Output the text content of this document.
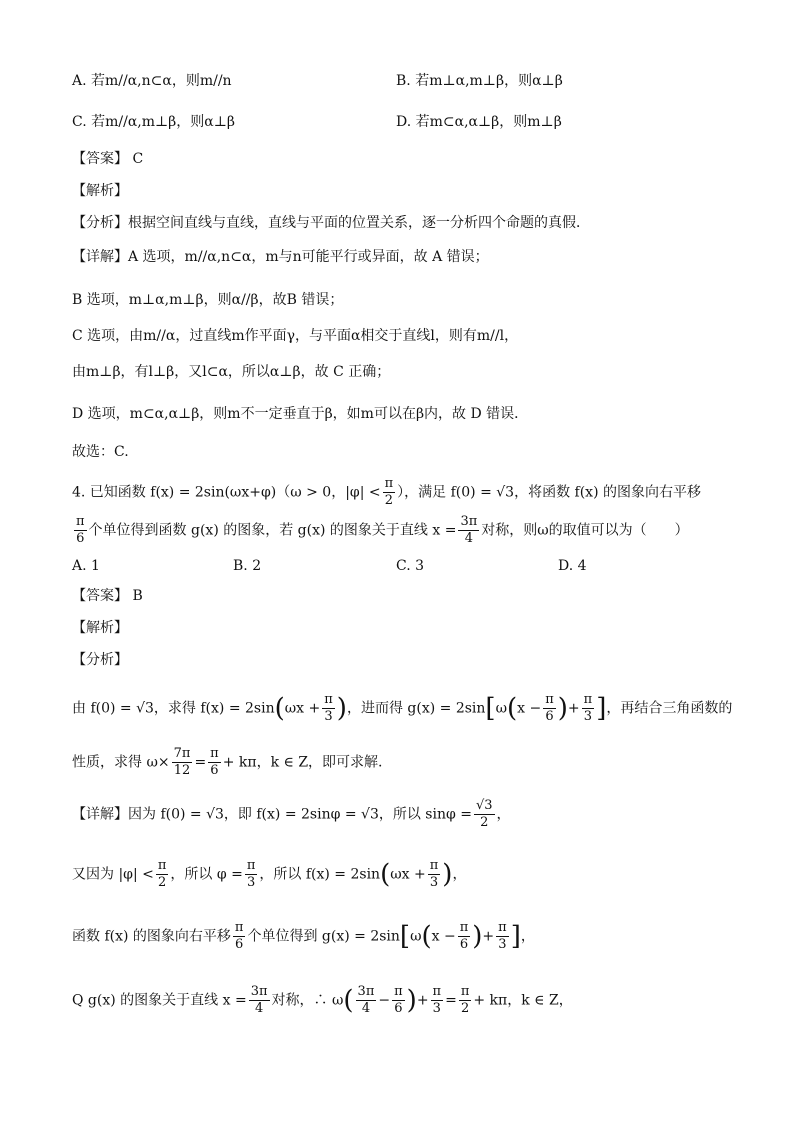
A. 若m//α,n⊂α，则m//n	B. 若m⊥α,m⊥β，则α⊥β
C. 若m//α,m⊥β，则α⊥β	D. 若m⊂α,α⊥β，则m⊥β
【答案】 C
【解析】
【分析】根据空间直线与直线，直线与平面的位置关系，逐一分析四个命题的真假．
【详解】A 选项，m//α,n⊂α，m与n可能平行或异面，故 A 错误；
B 选项，m⊥α,m⊥β，则α//β，故B 错误；
C 选项，由m//α，过直线m作平面γ，与平面α相交于直线l，则有m//l，
由m⊥β，有l⊥β，又l⊂α，所以α⊥β，故 C 正确；
D 选项，m⊂α,α⊥β，则m不一定垂直于β，如m可以在β内，故 D 错误．
故选：C.
4. 已知函数 f(x) = 2sin(ωx+φ)（ω > 0，$|\varphi| < \frac{\pi}{2}$ ），满足 f(0) = √3，将函数 f(x) 的图象向右平移
$\frac{\pi}{6}$ 个单位得到函数 g(x) 的图象，若 g(x) 的图象关于直线 $x = \frac{3\pi}{4}$ 对称，则ω的取值可以为（　　）
A. 1	B. 2	C. 3	D. 4
【答案】 B
【解析】
【分析】
由 f(0) = √3，求得 $f(x) = 2\sin(\omega x + \frac{\pi}{3}$ )，进而得 $g(x) = 2\sin[\omega(x - \frac{\pi}{6}$ )+ $\frac{\pi}{3}$ ]，再结合三角函数的
性质，求得 $\omega\times \frac{7\pi}{12} = \frac{\pi}{6} + k\pi$，k ∈ Z，即可求解.
【详解】因为 f(0) = √3，即 f(x) = 2sinφ = √3，所以 $\sin\varphi = \frac{√3}{2}$ ，
又因为 $|\varphi| < \frac{\pi}{2}$ ，所以 $\varphi = \frac{\pi}{3}$ ，所以 $f(x) = 2\sin(\omega x + \frac{\pi}{3}$ )，
函数 f(x) 的图象向右平移 $\frac{\pi}{6}$ 个单位得到 $g(x) = 2\sin[\omega(x - \frac{\pi}{6}$ )+ $\frac{\pi}{3}$ ]，
Q g(x) 的图象关于直线 $x = \frac{3\pi}{4}$ 对称，∴ $\omega( \frac{3\pi}{4} - \frac{\pi}{6}$ )+ $\frac{\pi}{3} = \frac{\pi}{2} + k\pi$，k ∈ Z，
